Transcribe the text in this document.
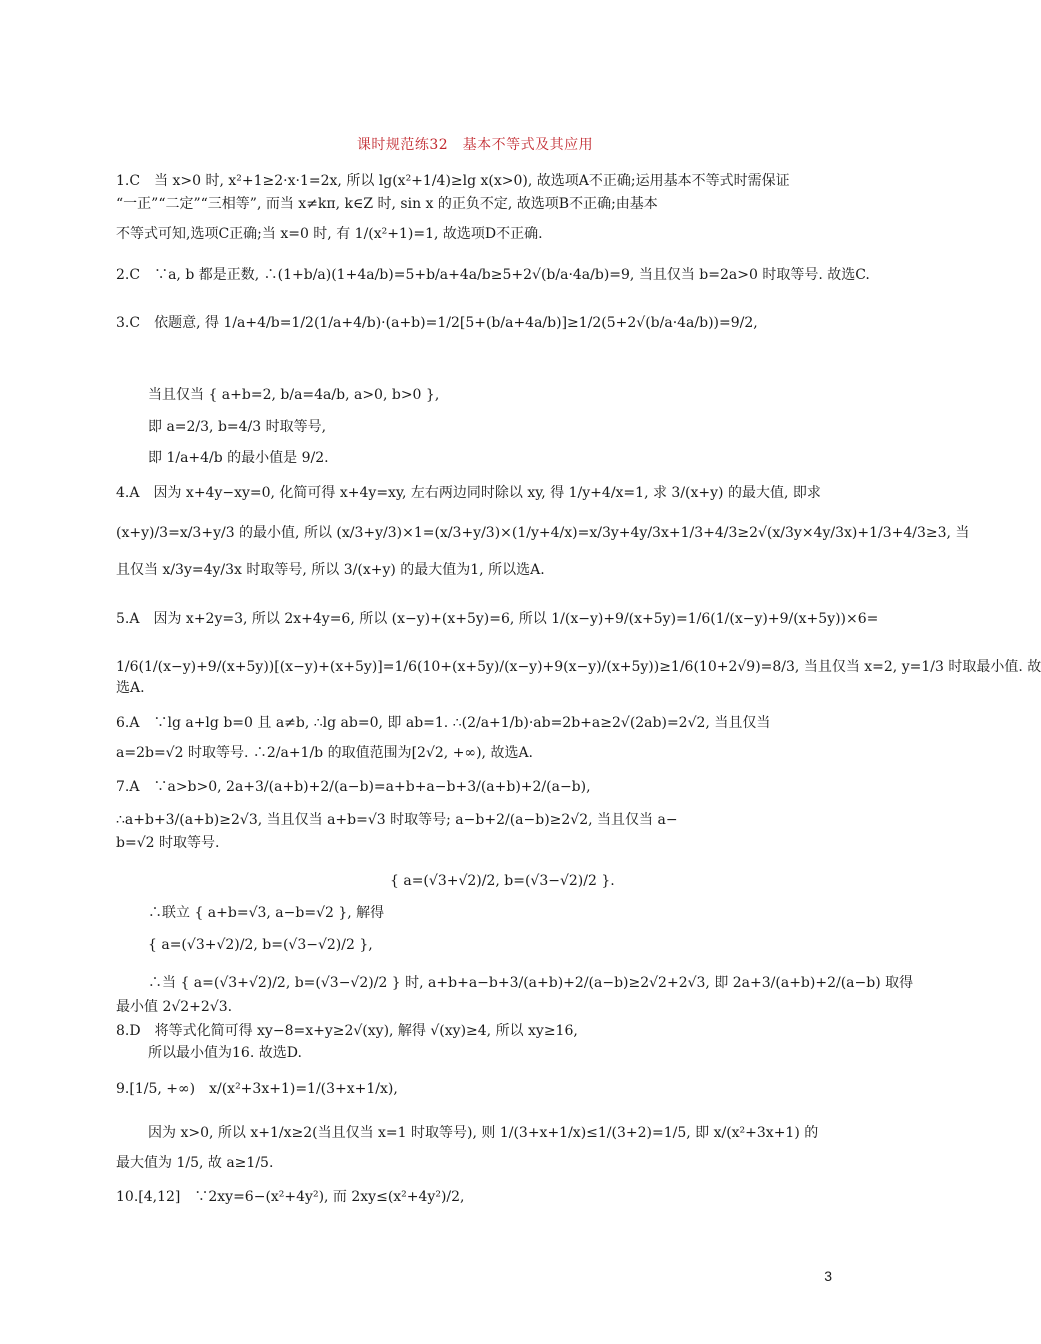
课时规范练32　基本不等式及其应用
1.C　当 x>0 时, x²+1≥2·x·1=2x, 所以 lg(x²+1/4)≥lg x(x>0), 故选项A不正确;运用基本不等式时需保证
“一正”“二定”“三相等”, 而当 x≠kπ, k∈Z 时, sin x 的正负不定, 故选项B不正确;由基本
不等式可知,选项C正确;当 x=0 时, 有 1/(x²+1)=1, 故选项D不正确.
2.C　∵a, b 都是正数, ∴(1+b/a)(1+4a/b)=5+b/a+4a/b≥5+2√(b/a·4a/b)=9, 当且仅当 b=2a>0 时取等号. 故选C.
3.C　依题意, 得 1/a+4/b=1/2(1/a+4/b)·(a+b)=1/2[5+(b/a+4a/b)]≥1/2(5+2√(b/a·4a/b))=9/2,
当且仅当 { a+b=2, b/a=4a/b, a>0, b>0 },
即 a=2/3, b=4/3 时取等号,
即 1/a+4/b 的最小值是 9/2.
4.A　因为 x+4y−xy=0, 化简可得 x+4y=xy, 左右两边同时除以 xy, 得 1/y+4/x=1, 求 3/(x+y) 的最大值, 即求
(x+y)/3=x/3+y/3 的最小值, 所以 (x/3+y/3)×1=(x/3+y/3)×(1/y+4/x)=x/3y+4y/3x+1/3+4/3≥2√(x/3y×4y/3x)+1/3+4/3≥3, 当
且仅当 x/3y=4y/3x 时取等号, 所以 3/(x+y) 的最大值为1, 所以选A.
5.A　因为 x+2y=3, 所以 2x+4y=6, 所以 (x−y)+(x+5y)=6, 所以 1/(x−y)+9/(x+5y)=1/6(1/(x−y)+9/(x+5y))×6=
1/6(1/(x−y)+9/(x+5y))[(x−y)+(x+5y)]=1/6(10+(x+5y)/(x−y)+9(x−y)/(x+5y))≥1/6(10+2√9)=8/3, 当且仅当 x=2, y=1/3 时取最小值. 故
选A.
6.A　∵lg a+lg b=0 且 a≠b, ∴lg ab=0, 即 ab=1. ∴(2/a+1/b)·ab=2b+a≥2√(2ab)=2√2, 当且仅当
a=2b=√2 时取等号. ∴2/a+1/b 的取值范围为[2√2, +∞), 故选A.
7.A　∵a>b>0, 2a+3/(a+b)+2/(a−b)=a+b+a−b+3/(a+b)+2/(a−b),
∴a+b+3/(a+b)≥2√3, 当且仅当 a+b=√3 时取等号; a−b+2/(a−b)≥2√2, 当且仅当 a−
b=√2 时取等号.
{ a=(√3+√2)/2, b=(√3−√2)/2 }.
∴联立 { a+b=√3, a−b=√2 }, 解得
{ a=(√3+√2)/2, b=(√3−√2)/2 },
∴当 { a=(√3+√2)/2, b=(√3−√2)/2 } 时, a+b+a−b+3/(a+b)+2/(a−b)≥2√2+2√3, 即 2a+3/(a+b)+2/(a−b) 取得
最小值 2√2+2√3.
8.D　将等式化简可得 xy−8=x+y≥2√(xy), 解得 √(xy)≥4, 所以 xy≥16,
所以最小值为16. 故选D.
9.[1/5, +∞)　x/(x²+3x+1)=1/(3+x+1/x),
因为 x>0, 所以 x+1/x≥2(当且仅当 x=1 时取等号), 则 1/(3+x+1/x)≤1/(3+2)=1/5, 即 x/(x²+3x+1) 的
最大值为 1/5, 故 a≥1/5.
10.[4,12]　∵2xy=6−(x²+4y²), 而 2xy≤(x²+4y²)/2,
3
